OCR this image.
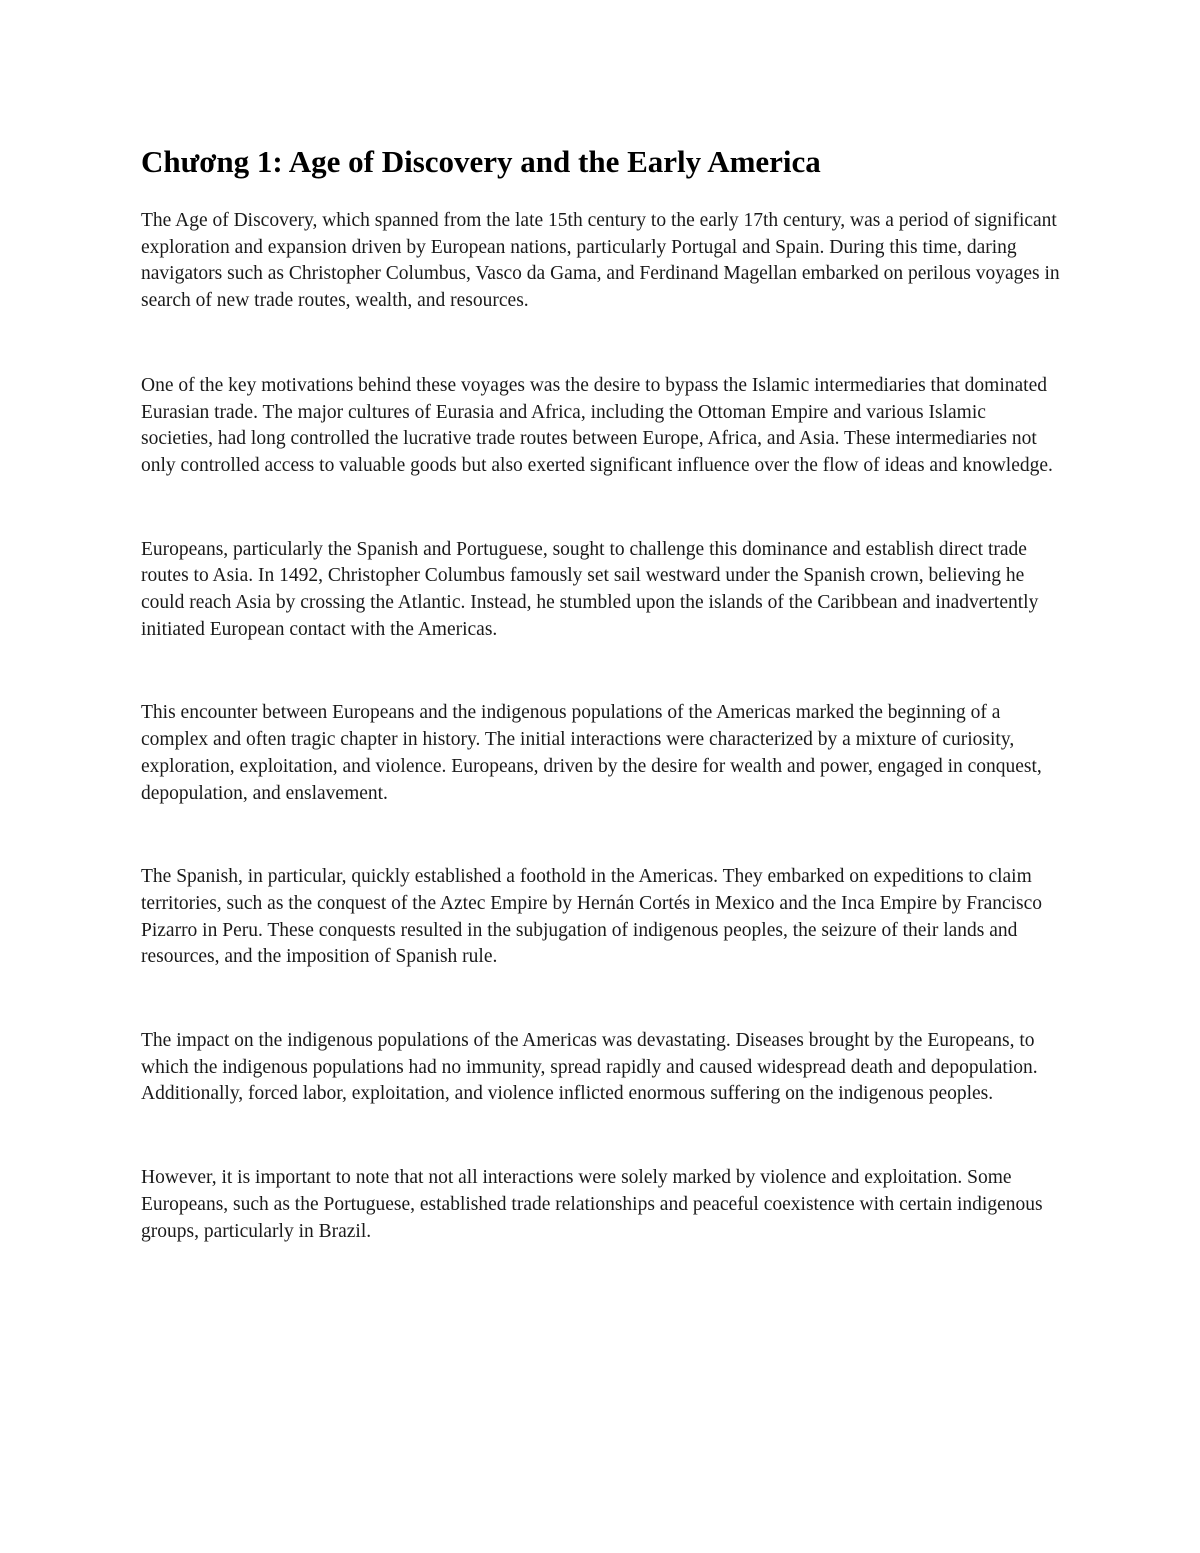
Chương 1: Age of Discovery and the Early America

The Age of Discovery, which spanned from the late 15th century to the early 17th century, was a period of significant exploration and expansion driven by European nations, particularly Portugal and Spain. During this time, daring navigators such as Christopher Columbus, Vasco da Gama, and Ferdinand Magellan embarked on perilous voyages in search of new trade routes, wealth, and resources.

One of the key motivations behind these voyages was the desire to bypass the Islamic intermediaries that dominated Eurasian trade. The major cultures of Eurasia and Africa, including the Ottoman Empire and various Islamic societies, had long controlled the lucrative trade routes between Europe, Africa, and Asia. These intermediaries not only controlled access to valuable goods but also exerted significant influence over the flow of ideas and knowledge.

Europeans, particularly the Spanish and Portuguese, sought to challenge this dominance and establish direct trade routes to Asia. In 1492, Christopher Columbus famously set sail westward under the Spanish crown, believing he could reach Asia by crossing the Atlantic. Instead, he stumbled upon the islands of the Caribbean and inadvertently initiated European contact with the Americas.

This encounter between Europeans and the indigenous populations of the Americas marked the beginning of a complex and often tragic chapter in history. The initial interactions were characterized by a mixture of curiosity, exploration, exploitation, and violence. Europeans, driven by the desire for wealth and power, engaged in conquest, depopulation, and enslavement.

The Spanish, in particular, quickly established a foothold in the Americas. They embarked on expeditions to claim territories, such as the conquest of the Aztec Empire by Hernán Cortés in Mexico and the Inca Empire by Francisco Pizarro in Peru. These conquests resulted in the subjugation of indigenous peoples, the seizure of their lands and resources, and the imposition of Spanish rule.

The impact on the indigenous populations of the Americas was devastating. Diseases brought by the Europeans, to which the indigenous populations had no immunity, spread rapidly and caused widespread death and depopulation. Additionally, forced labor, exploitation, and violence inflicted enormous suffering on the indigenous peoples.

However, it is important to note that not all interactions were solely marked by violence and exploitation. Some Europeans, such as the Portuguese, established trade relationships and peaceful coexistence with certain indigenous groups, particularly in Brazil.
